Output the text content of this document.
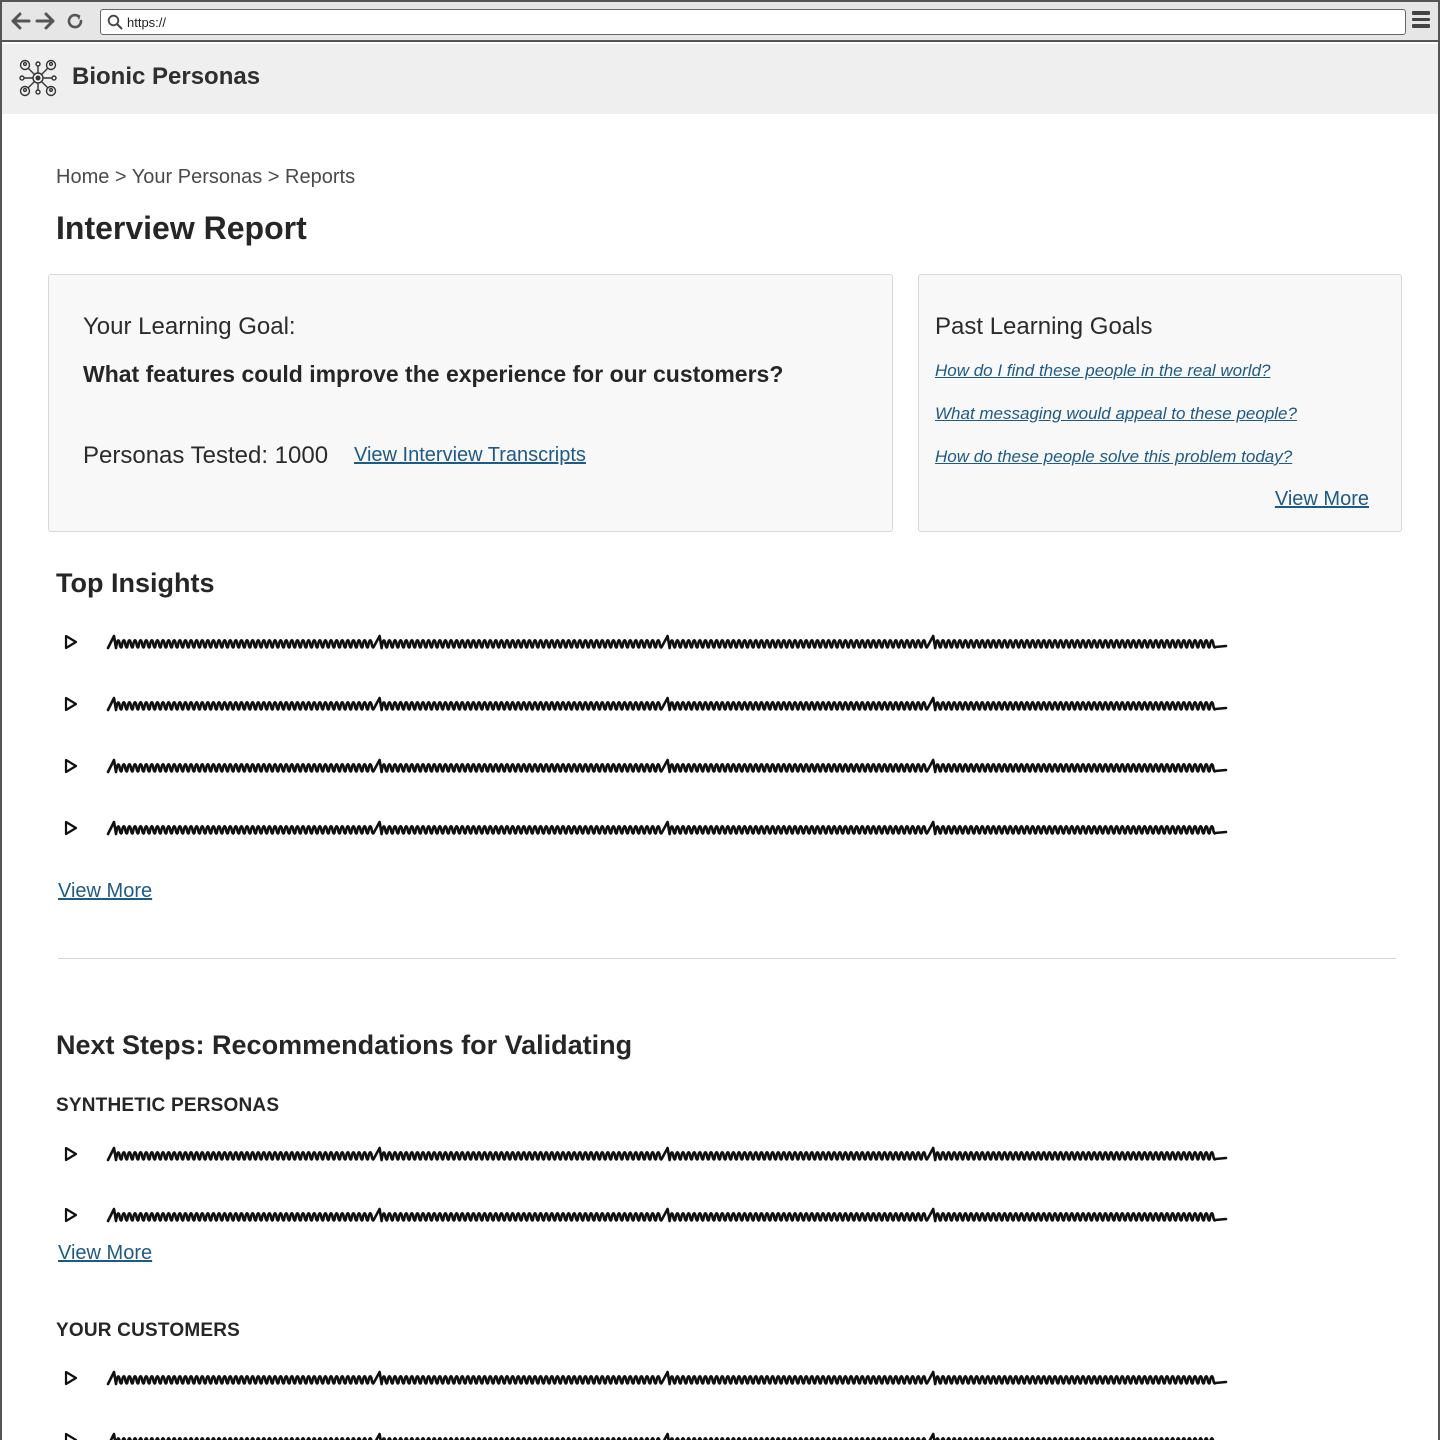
https://
Bionic Personas
Home > Your Personas > Reports
Interview Report
Your Learning Goal:
What features could improve the experience for our customers?
Personas Tested: 1000 View Interview Transcripts
Past Learning Goals
How do I find these people in the real world?
What messaging would appeal to these people?
How do these people solve this problem today?
View More
Top Insights
View More
Next Steps: Recommendations for Validating
SYNTHETIC PERSONAS
View More
YOUR CUSTOMERS
